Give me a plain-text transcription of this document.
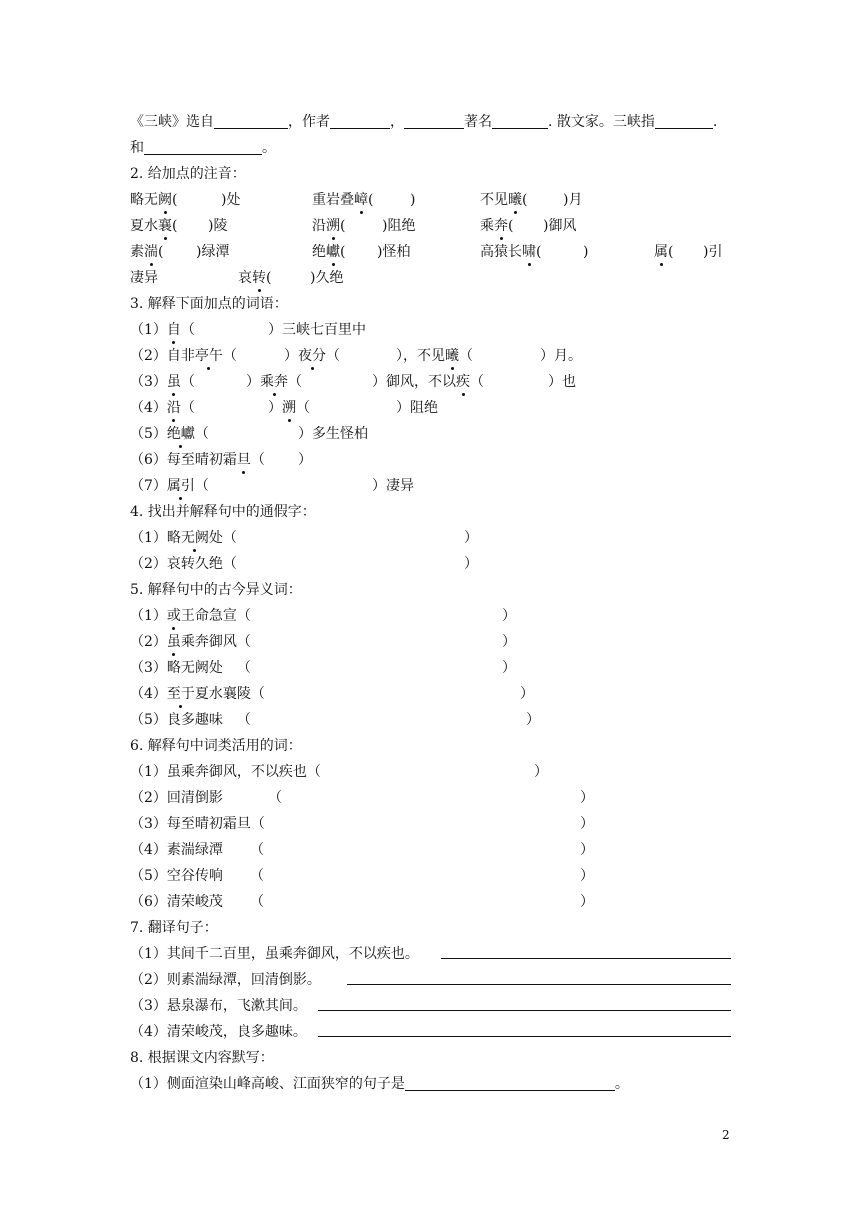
《三峡》选自	，作者	，	著名	. 散文家。三峡指	.
和	。
2. 给加点的注音：
略无阙(	)处	重岩叠嶂(	)	不见曦(	)月
夏水襄( )陵	沿溯(	)阻绝	乘奔( )御风
素湍( )绿潭	绝巘( )怪柏	高猿长啸(	)	属( )引
凄异	哀转(	)久绝
3. 解释下面加点的词语：
（1）自（	）三峡七百里中
（2）自非亭午（	）夜分（	），不见曦（	）月。
（3）虽（	）乘奔（	）御风，不以疾（	）也
（4）沿（	）溯（	）阻绝
（5）绝巘（	）多生怪柏
（6）每至晴初霜旦（ ）
（7）属引（	）凄异
4. 找出并解释句中的通假字：
（1）略无阙处（	）
（2）哀转久绝（	）
5. 解释句中的古今异义词：
（1）或王命急宣（	）
（2）虽乘奔御风（	）
（3）略无阙处 （	）
（4）至于夏水襄陵（	）
（5）良多趣味 （	）
6. 解释句中词类活用的词：
（1）虽乘奔御风，不以疾也（	）
（2）回清倒影	（	）
（3）每至晴初霜旦（	）
（4）素湍绿潭 （	）
（5）空谷传响 （	）
（6）清荣峻茂 （	）
7. 翻译句子：
（1）其间千二百里，虽乘奔御风，不以疾也。
（2）则素湍绿潭，回清倒影。
（3）悬泉瀑布，飞漱其间。
（4）清荣峻茂，良多趣味。
8. 根据课文内容默写：
（1）侧面渲染山峰高峻、江面狭窄的句子是	。
2
